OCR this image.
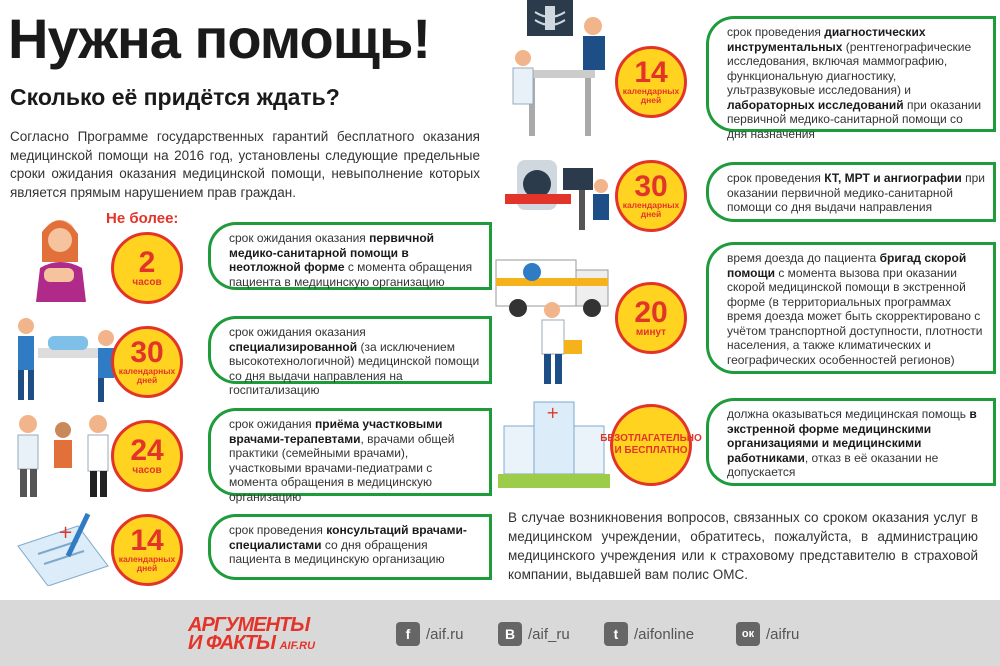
Нужна помощь!
Сколько её придётся ждать?
Согласно Программе государственных гарантий бесплатного оказания медицинской помощи на 2016 год, установлены следующие предельные сроки ожидания оказания медицинской помощи, невыполнение которых является прямым нарушением прав граждан.
Не более:
+
2
часов
срок ожидания оказания первичной медико-санитарной помощи в неотложной форме с момента обращения пациента в медицинскую организацию
30
календарных дней
срок ожидания оказания специализированной (за исключением высокотехнологичной) медицинской помощи со дня выдачи направления на госпитализацию
24
часов
срок ожидания приёма участковыми врачами-терапевтами, врачами общей практики (семейными врачами), участковыми врачами-педиатрами с момента обращения в медицинскую организацию
14
календарных дней
срок проведения консультаций врачами-специалистами со дня обращения пациента в медицинскую организацию
+
14
календарных дней
срок проведения диагностических инструментальных (рентгенографические исследования, включая маммографию, функциональную диагностику, ультразвуковые исследования) и лабораторных исследований при оказании первичной медико-санитарной помощи со дня назначения
30
календарных дней
срок проведения КТ, МРТ и ангиографии при оказании первичной медико-санитарной помощи со дня выдачи направления
20
минут
время доезда до пациента бригад скорой помощи с момента вызова при оказании скорой медицинской помощи в экстренной форме (в территориальных программах время доезда может быть скорректировано с учётом транспортной доступности, плотности населения, а также климатических и географических особенностей регионов)
БЕЗОТЛАГАТЕЛЬНО И БЕСПЛАТНО
должна оказываться медицинская помощь в экстренной форме медицинскими организациями и медицинскими работниками, отказ в её оказании не допускается
В случае возникновения вопросов, связанных со сроком оказания услуг в медицинском учреждении, обратитесь, пожалуйста, в администрацию медицинского учреждения или к страховому представителю в страховой компании, выдавшей вам полис ОМС.
АРГУМЕНТЫ
И ФАКТЫ AIF.RU
f	/aif.ru	В /aif_ru	t	/aifonline	ок /aifru
